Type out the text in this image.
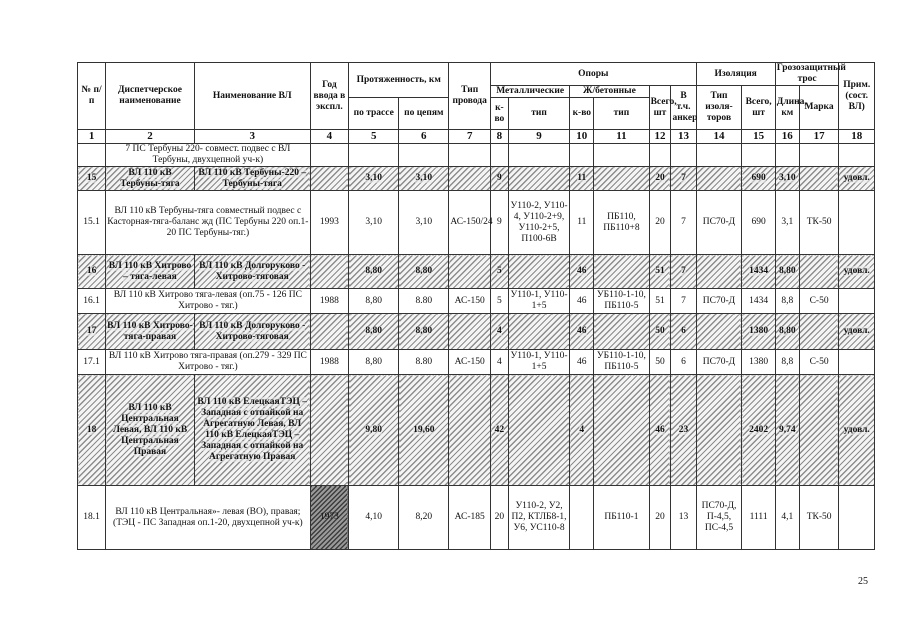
№ п/п	Диспетчерское наименование	Наименование ВЛ	Год ввода в экспл.	Протяженность, км		Тип провода	Опоры						Изоляция		Грозозащитный трос		Прим. (сост. ВЛ)
							Металлические		Ж/бетонные		Всего, шт	В т.ч. анкер	Тип изоля-торов	Всего, шт	Длина, км	Марка	
				по трассе	по цепям		к-во	тип	к-во	тип							
1	2	3	4	5	6	7	8	9	10	11	12	13	14	15	16	17	18
	7 ПС Тербуны 220- совмест. подвес с ВЛ Тербуны, двухцепной уч-к)																
15	ВЛ 110 кВ Тербуны-тяга	ВЛ 110 кВ Тербуны-220 – Тербуны-тяга		3,10	3,10		9		11		20	7		690	3,10		удовл.
15.1	ВЛ 110 кВ Тербуны-тяга совместный подвес с Касторная-тяга-баланс жд (ПС Тербуны 220 оп.1- 20 ПС Тербуны-тяг.)		1993	3,10	3,10	АС-150/24	9	У110-2, У110-4, У110-2+9, У110-2+5, П100-6В	11	ПБ110, ПБ110+8	20	7	ПС70-Д	690	3,1	ТК-50	
16	ВЛ 110 кВ Хитрово – тяга-левая	ВЛ 110 кВ Долгоруково - Хитрово-тяговая		8,80	8,80		5		46		51	7		1434	8,80		удовл.
16.1	ВЛ 110 кВ Хитрово тяга-левая (оп.75 - 126 ПС Хитрово - тяг.)		1988	8,80	8.80	АС-150	5	У110-1, У110-1+5	46	УБ110-1-10, ПБ110-5	51	7	ПС70-Д	1434	8,8	С-50	
17	ВЛ 110 кВ Хитрово-тяга-правая	ВЛ 110 кВ Долгоруково - Хитрово-тяговая		8,80	8,80		4		46		50	6		1380	8,80		удовл.
17.1	ВЛ 110 кВ Хитрово тяга-правая (оп.279 - 329 ПС Хитрово - тяг.)		1988	8,80	8.80	АС-150	4	У110-1, У110-1+5	46	УБ110-1-10, ПБ110-5	50	6	ПС70-Д	1380	8,8	С-50	
18	ВЛ 110 кВ Центральная Левая, ВЛ 110 кВ Центральная Правая	ВЛ 110 кВ ЕлецкаяТЭЦ – Западная с отпайкой на Агрегатную Левая, ВЛ 110 кВ ЕлецкаяТЭЦ – Западная с отпайкой на Агрегатную Правая		9,80	19,60		42		4		46	23		2402	9,74		удовл.
18.1	ВЛ 110 кВ Центральная»- левая (ВО), правая; (ТЭЦ - ПС Западная оп.1-20, двухцепной уч-к)		1973	4,10	8,20	АС-185	20	У110-2, У2, П2, КТЛБ8-1, У6, УС110-8		ПБ110-1	20	13	ПС70-Д, П-4,5, ПС-4,5	1111	4,1	ТК-50	
25
